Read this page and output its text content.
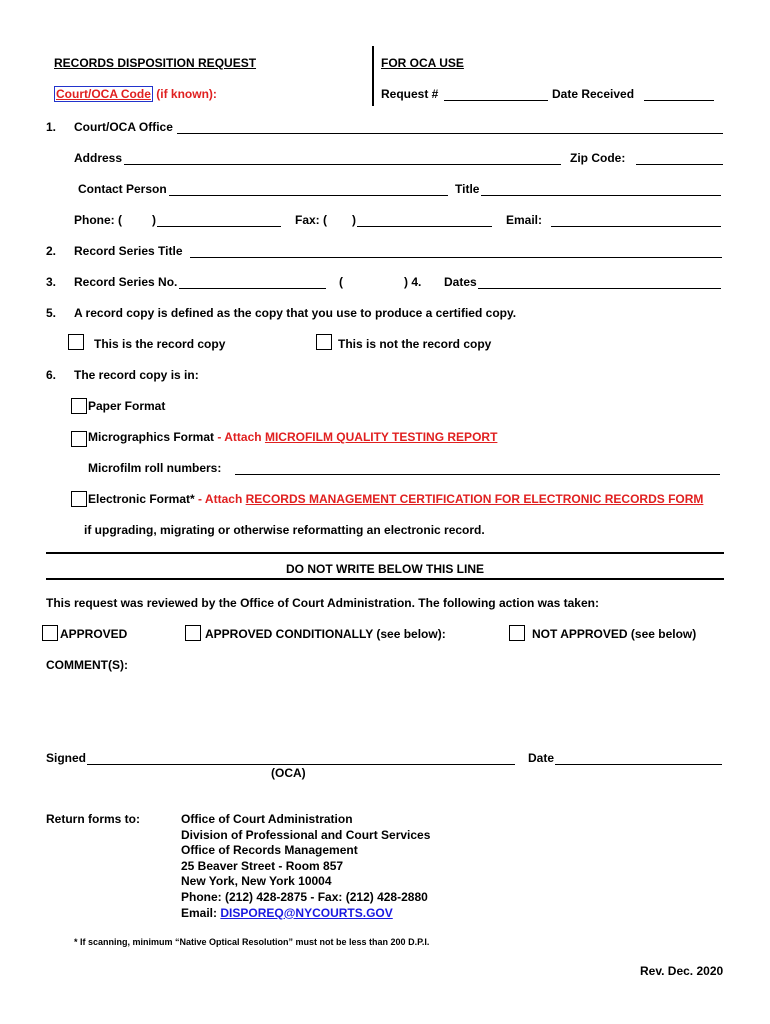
RECORDS DISPOSITION REQUEST
Court/OCA Code (if known):
FOR OCA USE
Request #	Date Received
1. Court/OCA Office
Address	Zip Code:
Contact Person	Title
Phone: (	)	Fax: ( )	Email:
2. Record Series Title
3. Record Series No.	(	) 4. Dates
5. A record copy is defined as the copy that you use to produce a certified copy.
This is the record copy	This is not the record copy
6. The record copy is in:
Paper Format
Micrographics Format - Attach MICROFILM QUALITY TESTING REPORT
Microfilm roll numbers:
Electronic Format* - Attach RECORDS MANAGEMENT CERTIFICATION FOR ELECTRONIC RECORDS FORM
if upgrading, migrating or otherwise reformatting an electronic record.
DO NOT WRITE BELOW THIS LINE
This request was reviewed by the Office of Court Administration. The following action was taken:
APPROVED	APPROVED CONDITIONALLY (see below):	NOT APPROVED (see below)
COMMENT(S):
Signed	Date
(OCA)
Return forms to:	Office of Court Administration
Division of Professional and Court Services
Office of Records Management
25 Beaver Street - Room 857
New York, New York 10004
Phone: (212) 428-2875 - Fax: (212) 428-2880
Email: DISPOREQ@NYCOURTS.GOV
* If scanning, minimum “Native Optical Resolution” must not be less than 200 D.P.I.
Rev. Dec. 2020
